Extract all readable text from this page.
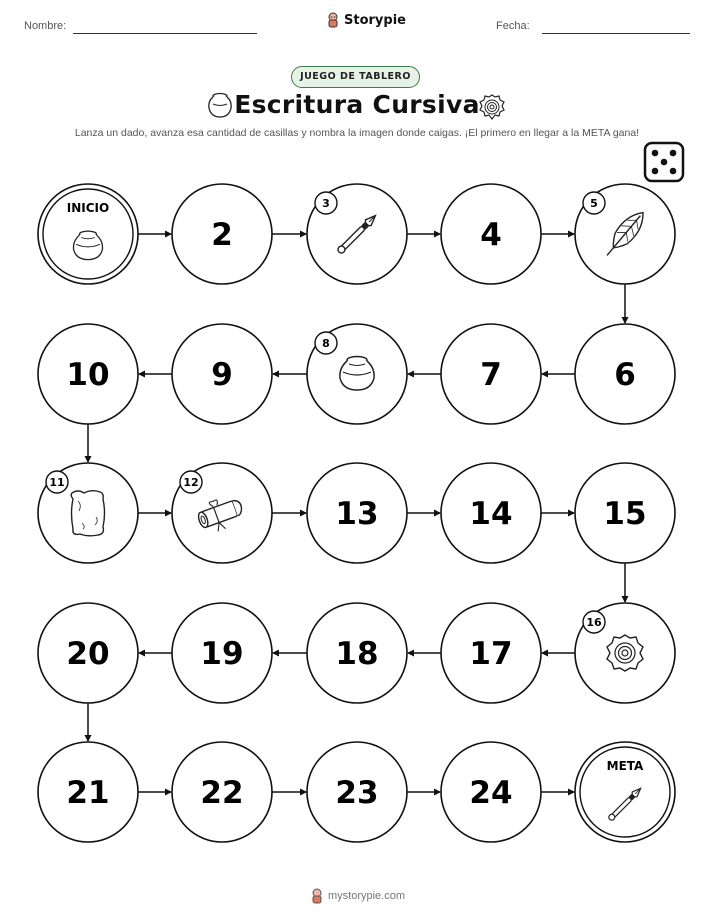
Nombre:	Storypie	Fecha:
JUEGO DE TABLERO
Escritura Cursiva
Lanza un dado, avanza esa cantidad de casillas y nombra la imagen donde caigas. ¡El primero en llegar a la META gana!
INICIO
2
3
4
5
6
7
8
9
10
11	12
13	14	15
16
17
18
19
20
21	22	23	24
META
mystorypie.com
